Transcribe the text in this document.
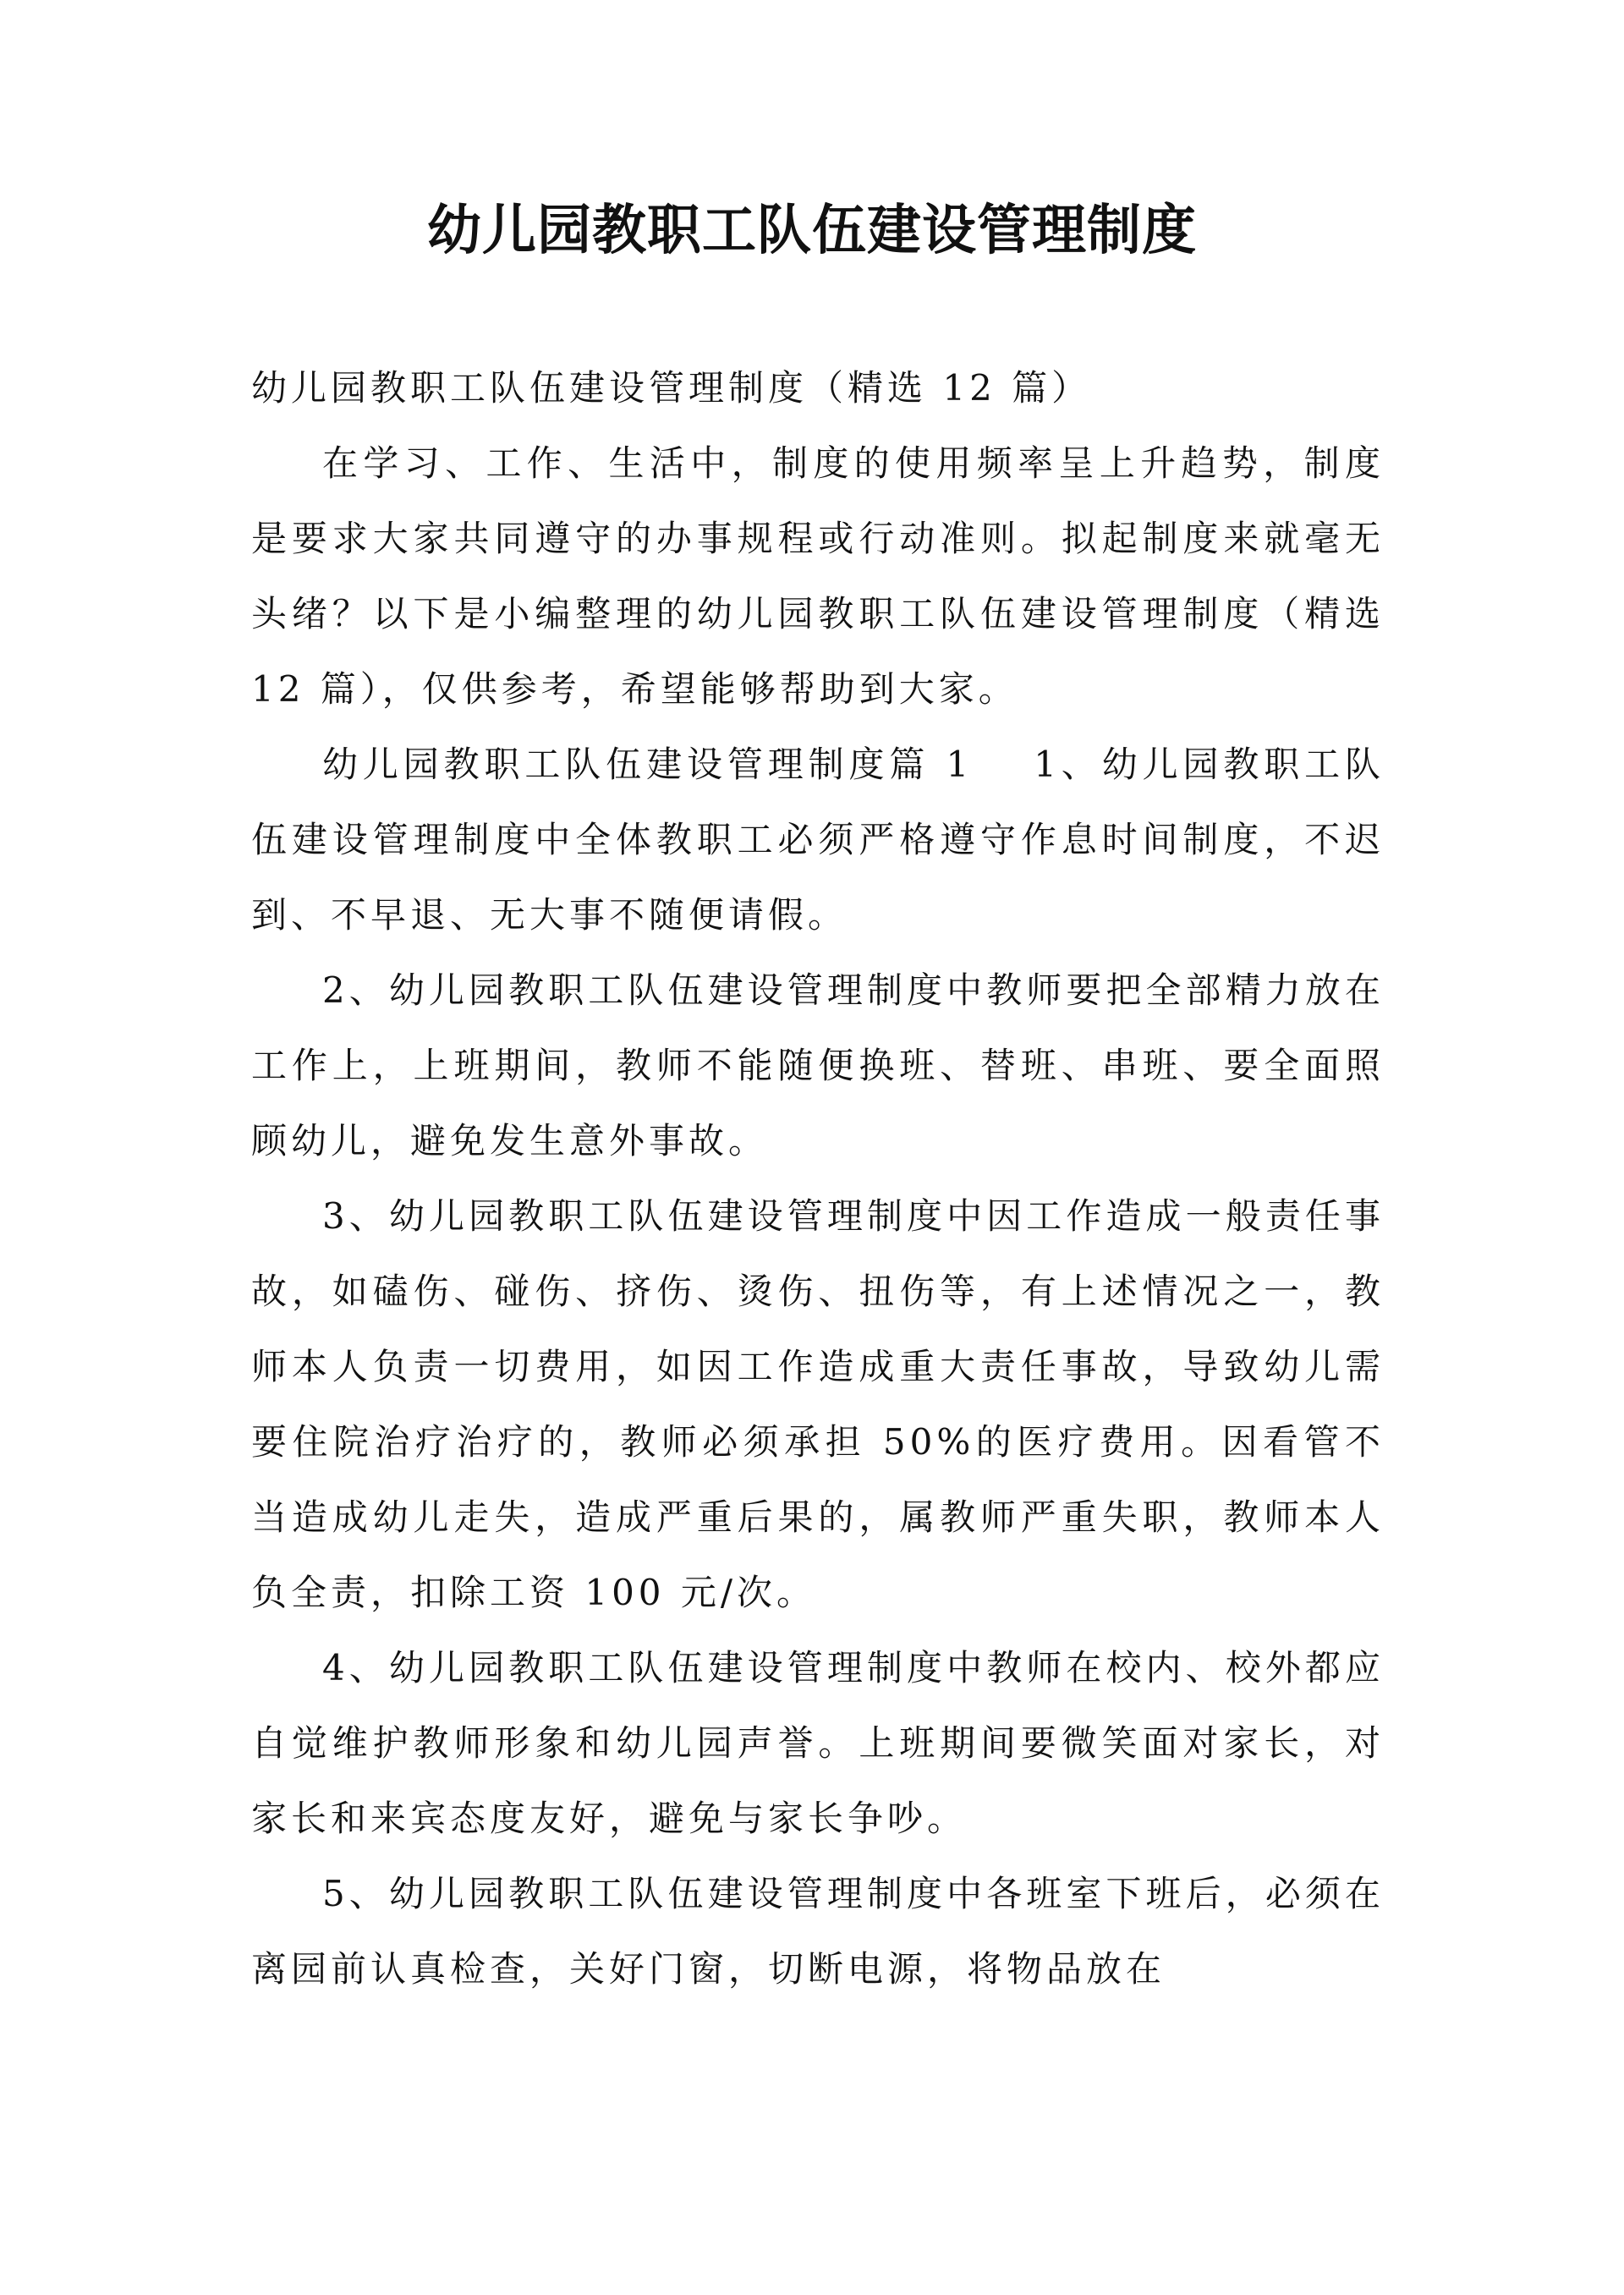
幼儿园教职工队伍建设管理制度

幼儿园教职工队伍建设管理制度（精选 12 篇）

在学习、工作、生活中，制度的使用频率呈上升趋势，制度是要求大家共同遵守的办事规程或行动准则。拟起制度来就毫无头绪？以下是小编整理的幼儿园教职工队伍建设管理制度（精选 12 篇），仅供参考，希望能够帮助到大家。

幼儿园教职工队伍建设管理制度篇 1 1、幼儿园教职工队伍建设管理制度中全体教职工必须严格遵守作息时间制度，不迟到、不早退、无大事不随便请假。

2、幼儿园教职工队伍建设管理制度中教师要把全部精力放在工作上，上班期间，教师不能随便换班、替班、串班、要全面照顾幼儿，避免发生意外事故。

3、幼儿园教职工队伍建设管理制度中因工作造成一般责任事故，如磕伤、碰伤、挤伤、烫伤、扭伤等，有上述情况之一，教师本人负责一切费用，如因工作造成重大责任事故，导致幼儿需要住院治疗治疗的，教师必须承担 50%的医疗费用。因看管不当造成幼儿走失，造成严重后果的，属教师严重失职，教师本人负全责，扣除工资 100 元/次。

4、幼儿园教职工队伍建设管理制度中教师在校内、校外都应自觉维护教师形象和幼儿园声誉。上班期间要微笑面对家长，对家长和来宾态度友好，避免与家长争吵。

5、幼儿园教职工队伍建设管理制度中各班室下班后，必须在离园前认真检查，关好门窗，切断电源，将物品放在
